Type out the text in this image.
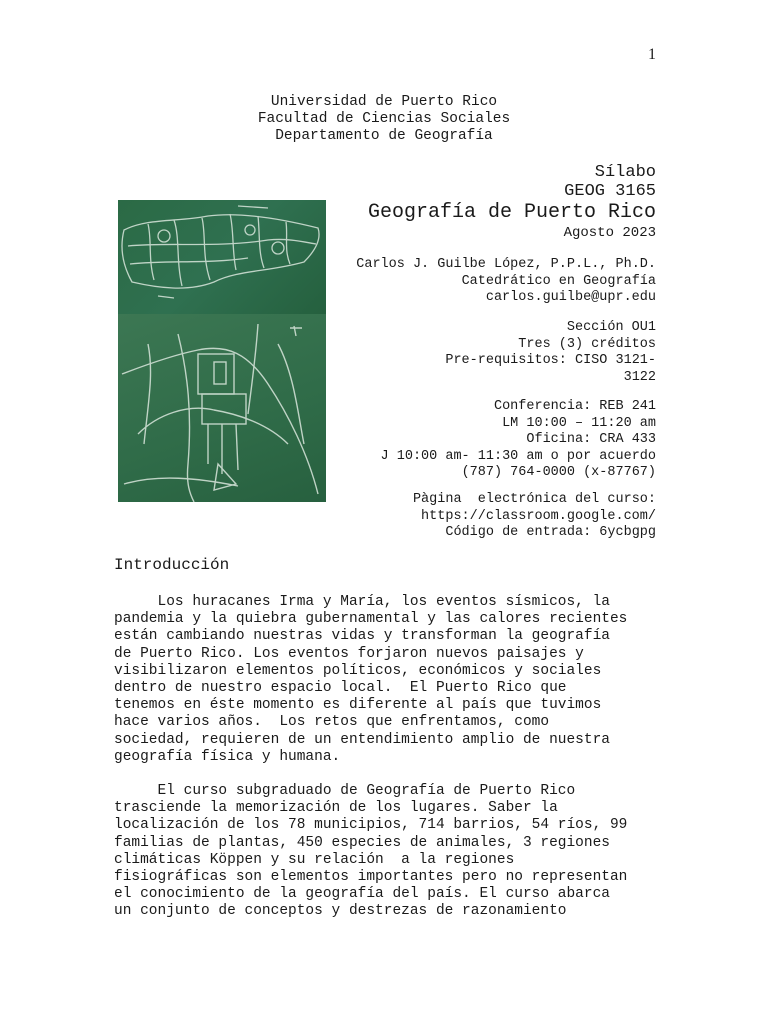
1
Universidad de Puerto Rico
Facultad de Ciencias Sociales
Departamento de Geografía
Sílabo
GEOG 3165
Geografía de Puerto Rico
Agosto 2023
Carlos J. Guilbe López, P.P.L., Ph.D.
Catedrático en Geografía
carlos.guilbe@upr.edu
Sección OU1
Tres (3) créditos
Pre-requisitos: CISO 3121-
3122
Conferencia: REB 241
LM 10:00 – 11:20 am
Oficina: CRA 433
J 10:00 am- 11:30 am o por acuerdo
(787) 764-0000 (x-87767)
Pàgina  electrónica del curso:
https://classroom.google.com/
Código de entrada: 6ycbgpg
Introducción

Los huracanes Irma y María, los eventos sísmicos, la
pandemia y la quiebra gubernamental y las calores recientes
están cambiando nuestras vidas y transforman la geografía
de Puerto Rico. Los eventos forjaron nuevos paisajes y
visibilizaron elementos políticos, económicos y sociales
dentro de nuestro espacio local.  El Puerto Rico que
tenemos en éste momento es diferente al país que tuvimos
hace varios años.  Los retos que enfrentamos, como
sociedad, requieren de un entendimiento amplio de nuestra
geografía física y humana.

El curso subgraduado de Geografía de Puerto Rico
trasciende la memorización de los lugares. Saber la
localización de los 78 municipios, 714 barrios, 54 ríos, 99
familias de plantas, 450 especies de animales, 3 regiones
climáticas Köppen y su relación  a la regiones
fisiográficas son elementos importantes pero no representan
el conocimiento de la geografía del país. El curso abarca
un conjunto de conceptos y destrezas de razonamiento
